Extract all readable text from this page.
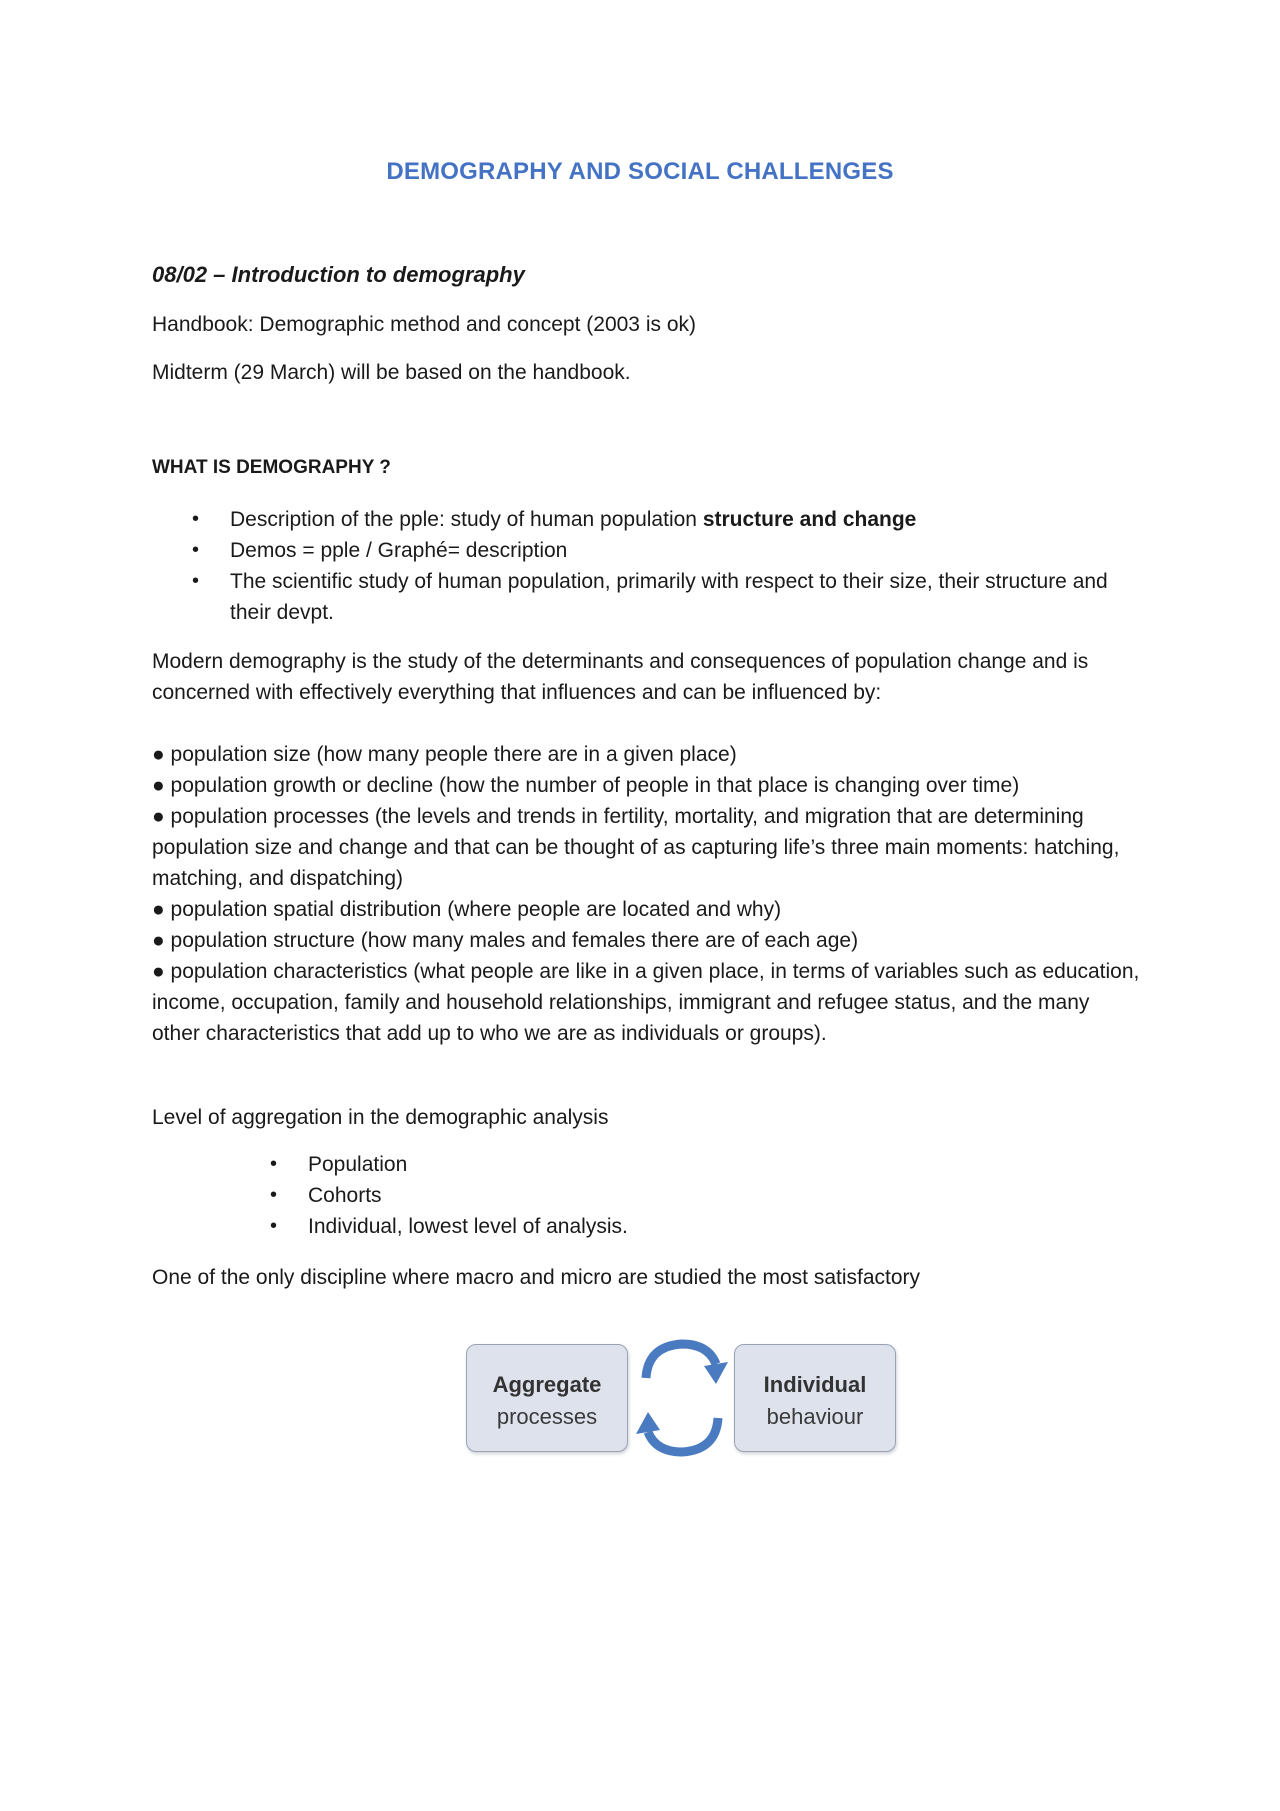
DEMOGRAPHY AND SOCIAL CHALLENGES
08/02 – Introduction to demography
Handbook: Demographic method and concept (2003 is ok)
Midterm (29 March) will be based on the handbook.
WHAT IS DEMOGRAPHY ?
• Description of the pple: study of human population structure and change
• Demos = pple / Graphé= description
• The scientific study of human population, primarily with respect to their size, their structure and their devpt.
Modern demography is the study of the determinants and consequences of population change and is concerned with effectively everything that influences and can be influenced by:
● population size (how many people there are in a given place)
● population growth or decline (how the number of people in that place is changing over time)
● population processes (the levels and trends in fertility, mortality, and migration that are determining population size and change and that can be thought of as capturing life’s three main moments: hatching, matching, and dispatching)
● population spatial distribution (where people are located and why)
● population structure (how many males and females there are of each age)
● population characteristics (what people are like in a given place, in terms of variables such as education, income, occupation, family and household relationships, immigrant and refugee status, and the many other characteristics that add up to who we are as individuals or groups).
Level of aggregation in the demographic analysis
• Population
• Cohorts
• Individual, lowest level of analysis.
One of the only discipline where macro and micro are studied the most satisfactory
Aggregate
processes
Individual
behaviour
